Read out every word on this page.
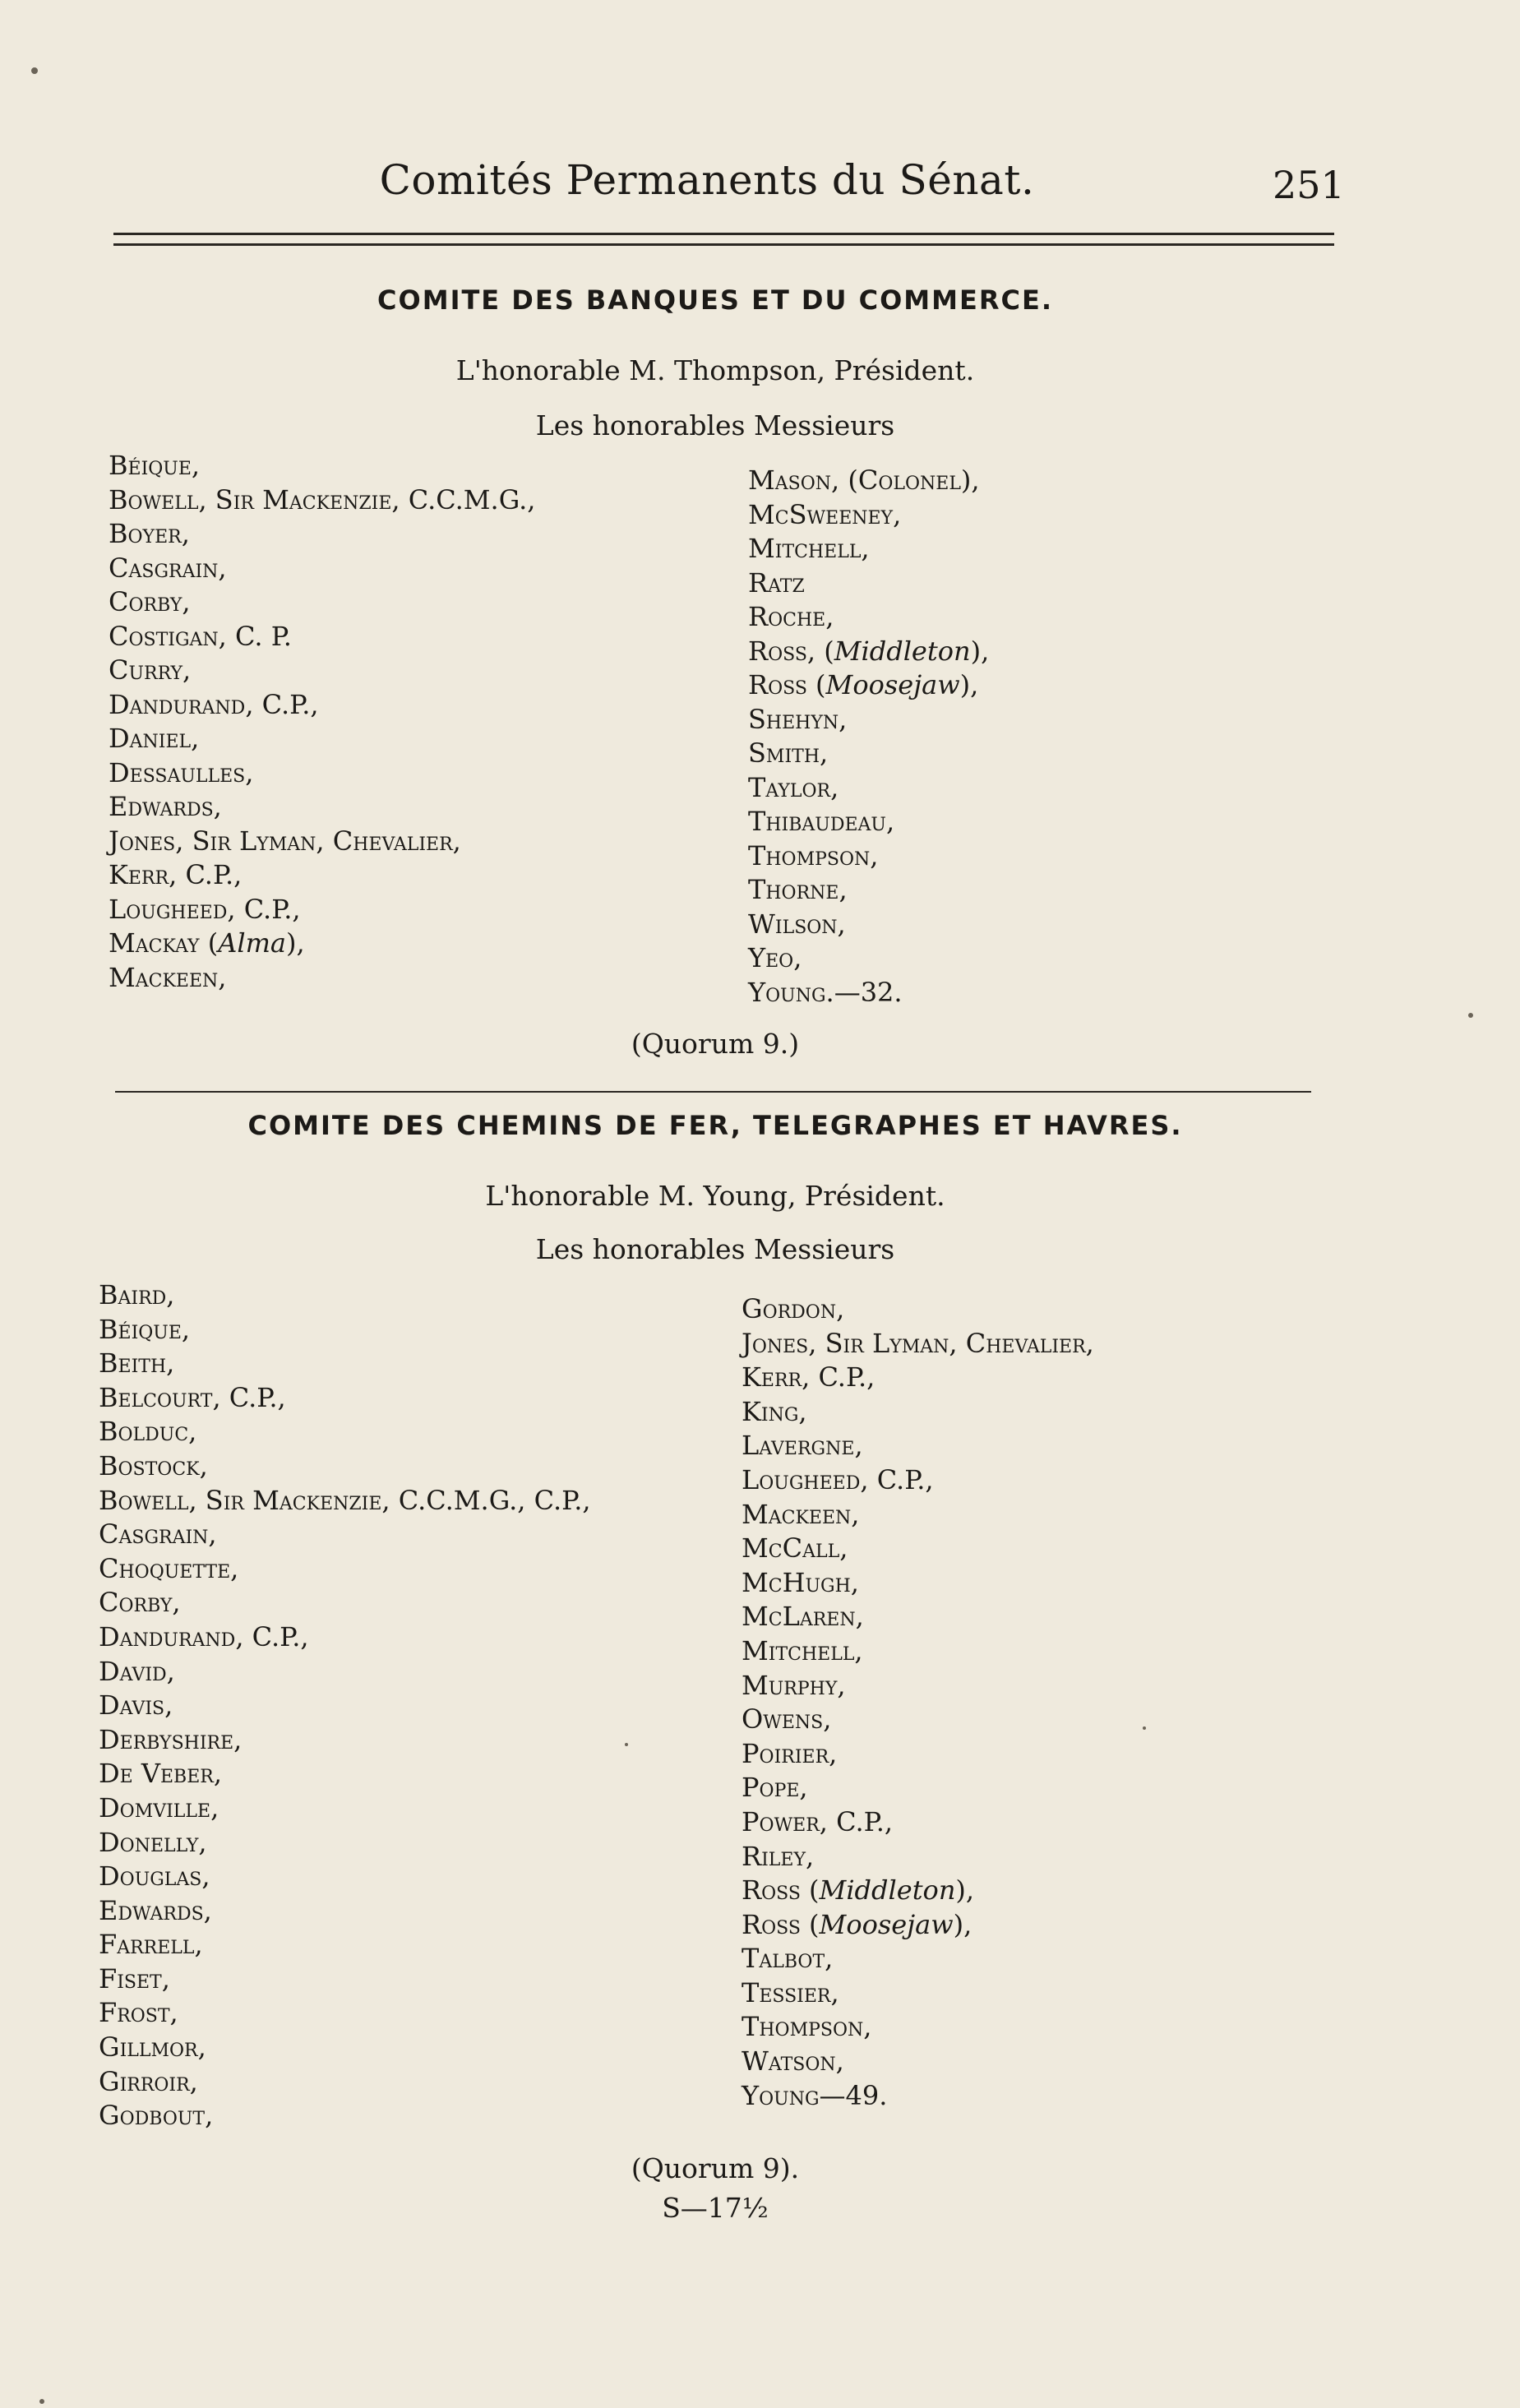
Comités Permanents du Sénat.	251
COMITE DES BANQUES ET DU COMMERCE.
L'honorable M. Thompson, Président.
Les honorables Messieurs
Béique,
Bowell, Sir Mackenzie, C.C.M.G.,
Boyer,
Casgrain,
Corby,
Costigan, C. P.
Curry,
Dandurand, C.P.,
Daniel,
Dessaulles,
Edwards,
Jones, Sir Lyman, Chevalier,
Kerr, C.P.,
Lougheed, C.P.,
Mackay (Alma),
Mackeen,
Mason, (Colonel),
McSweeney,
Mitchell,
Ratz
Roche,
Ross, (Middleton),
Ross (Moosejaw),
Shehyn,
Smith,
Taylor,
Thibaudeau,
Thompson,
Thorne,
Wilson,
Yeo,
Young.—32.
(Quorum 9.)
COMITE DES CHEMINS DE FER, TELEGRAPHES ET HAVRES.
L'honorable M. Young, Président.
Les honorables Messieurs
Baird,
Béique,
Beith,
Belcourt, C.P.,
Bolduc,
Bostock,
Bowell, Sir Mackenzie, C.C.M.G., C.P.,
Casgrain,
Choquette,
Corby,
Dandurand, C.P.,
David,
Davis,
Derbyshire,
De Veber,
Domville,
Donelly,
Douglas,
Edwards,
Farrell,
Fiset,
Frost,
Gillmor,
Girroir,
Godbout,
Gordon,
Jones, Sir Lyman, Chevalier,
Kerr, C.P.,
King,
Lavergne,
Lougheed, C.P.,
Mackeen,
McCall,
McHugh,
McLaren,
Mitchell,
Murphy,
Owens,
Poirier,
Pope,
Power, C.P.,
Riley,
Ross (Middleton),
Ross (Moosejaw),
Talbot,
Tessier,
Thompson,
Watson,
Young—49.
(Quorum 9).
S—17½
